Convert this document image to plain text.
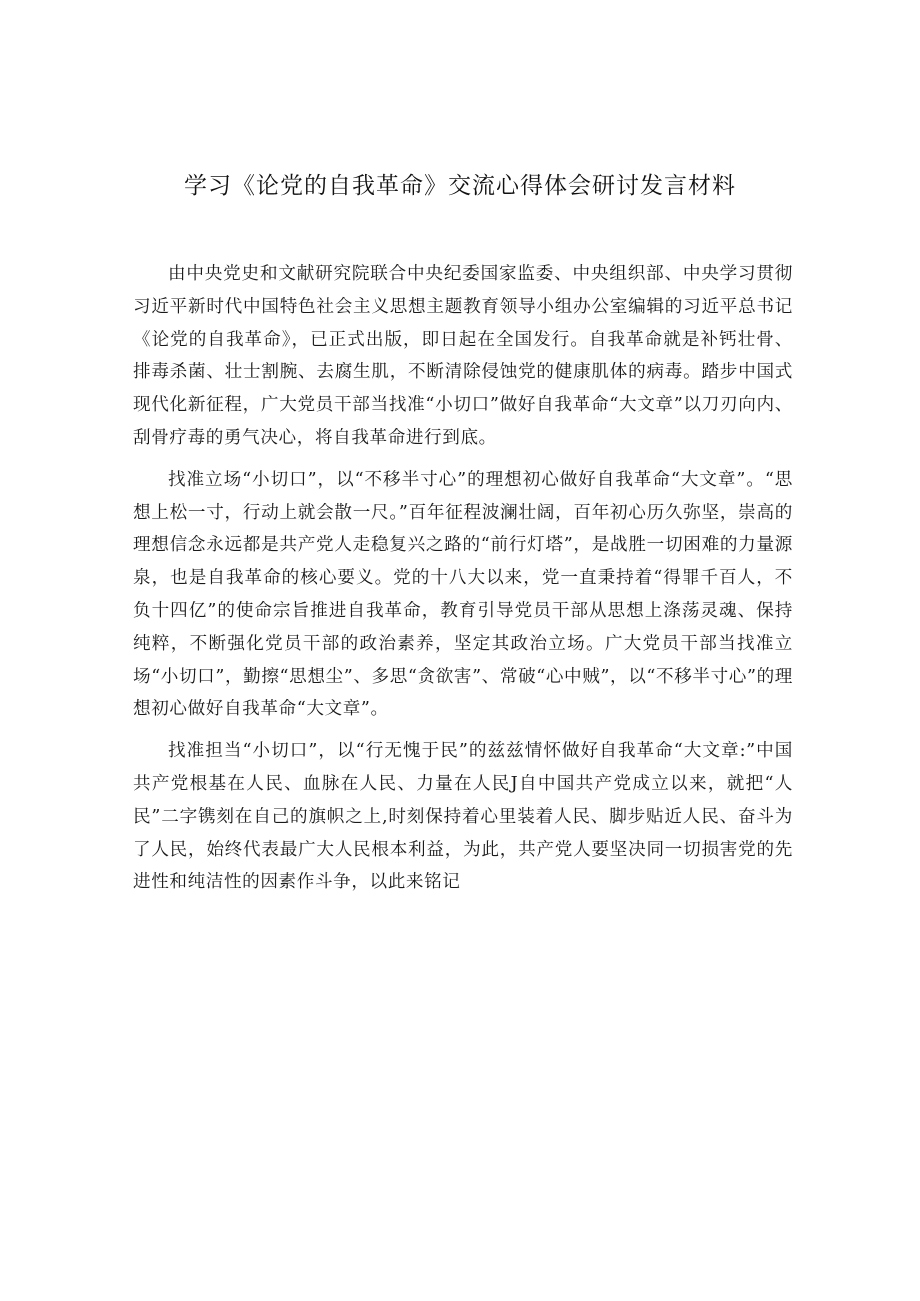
学习《论党的自我革命》交流心得体会研讨发言材料

由中央党史和文献研究院联合中央纪委国家监委、中央组织部、中央学习贯彻习近平新时代中国特色社会主义思想主题教育领导小组办公室编辑的习近平总书记《论党的自我革命》，已正式出版，即日起在全国发行。自我革命就是补钙壮骨、排毒杀菌、壮士割腕、去腐生肌，不断清除侵蚀党的健康肌体的病毒。踏步中国式现代化新征程，广大党员干部当找准“小切口”做好自我革命“大文章”以刀刃向内、刮骨疗毒的勇气决心，将自我革命进行到底。

找准立场“小切口”，以“不移半寸心”的理想初心做好自我革命“大文章”。“思想上松一寸，行动上就会散一尺。”百年征程波澜壮阔，百年初心历久弥坚，崇高的理想信念永远都是共产党人走稳复兴之路的“前行灯塔”，是战胜一切困难的力量源泉，也是自我革命的核心要义。党的十八大以来，党一直秉持着“得罪千百人，不负十四亿”的使命宗旨推进自我革命，教育引导党员干部从思想上涤荡灵魂、保持纯粹，不断强化党员干部的政治素养，坚定其政治立场。广大党员干部当找准立场“小切口”，勤擦“思想尘”、多思“贪欲害”、常破“心中贼”，以“不移半寸心”的理想初心做好自我革命“大文章”。

找准担当“小切口”，以“行无愧于民”的兹兹情怀做好自我革命“大文章:”中国共产党根基在人民、血脉在人民、力量在人民J自中国共产党成立以来，就把“人民”二字镌刻在自己的旗帜之上,时刻保持着心里装着人民、脚步贴近人民、奋斗为了人民，始终代表最广大人民根本利益，为此，共产党人要坚决同一切损害党的先进性和纯洁性的因素作斗争，以此来铭记
